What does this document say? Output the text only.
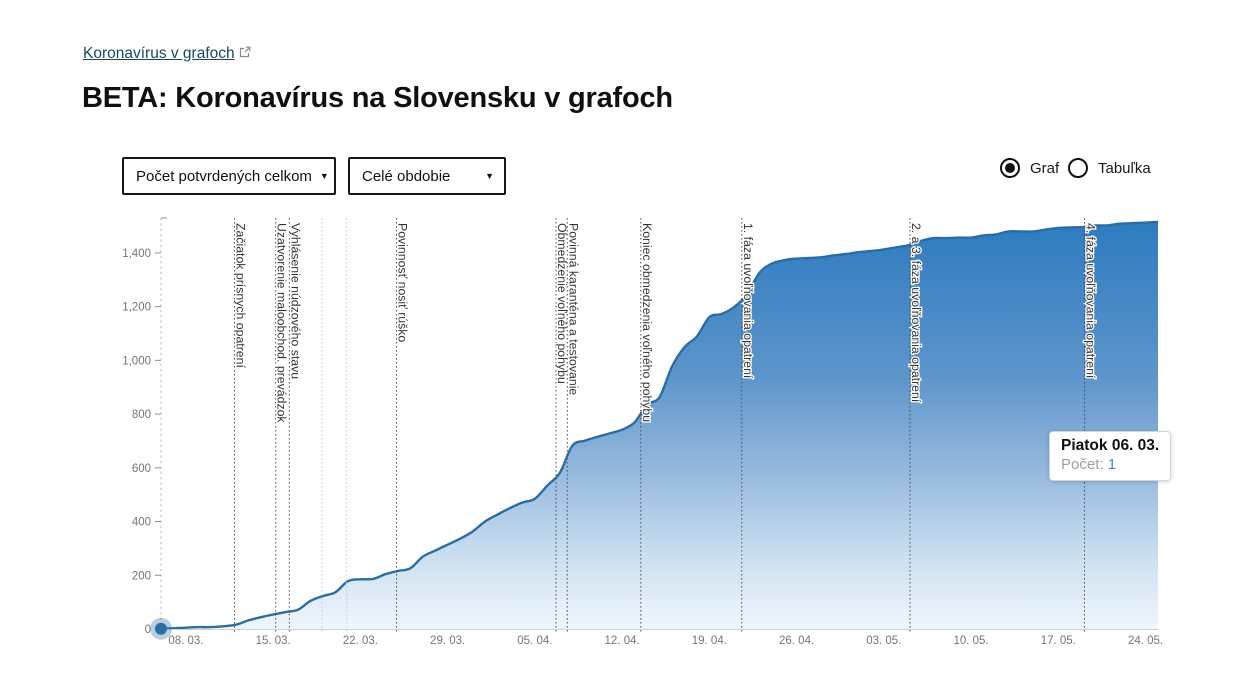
Koronavírus v grafoch
BETA: Koronavírus na Slovensku v grafoch
Počet potvrdených celkom ▼ Celé obdobie	▼	Graf	Tabuľka
0
200
400
600
800
1,000
1,200
1,400
08. 03.	15. 03.	22. 03.	29. 03.	05. 04.	12. 04.	19. 04.	26. 04.	03. 05.	10. 05.	17. 05.	24. 05.
Piatok 06. 03.
Počet: 1
